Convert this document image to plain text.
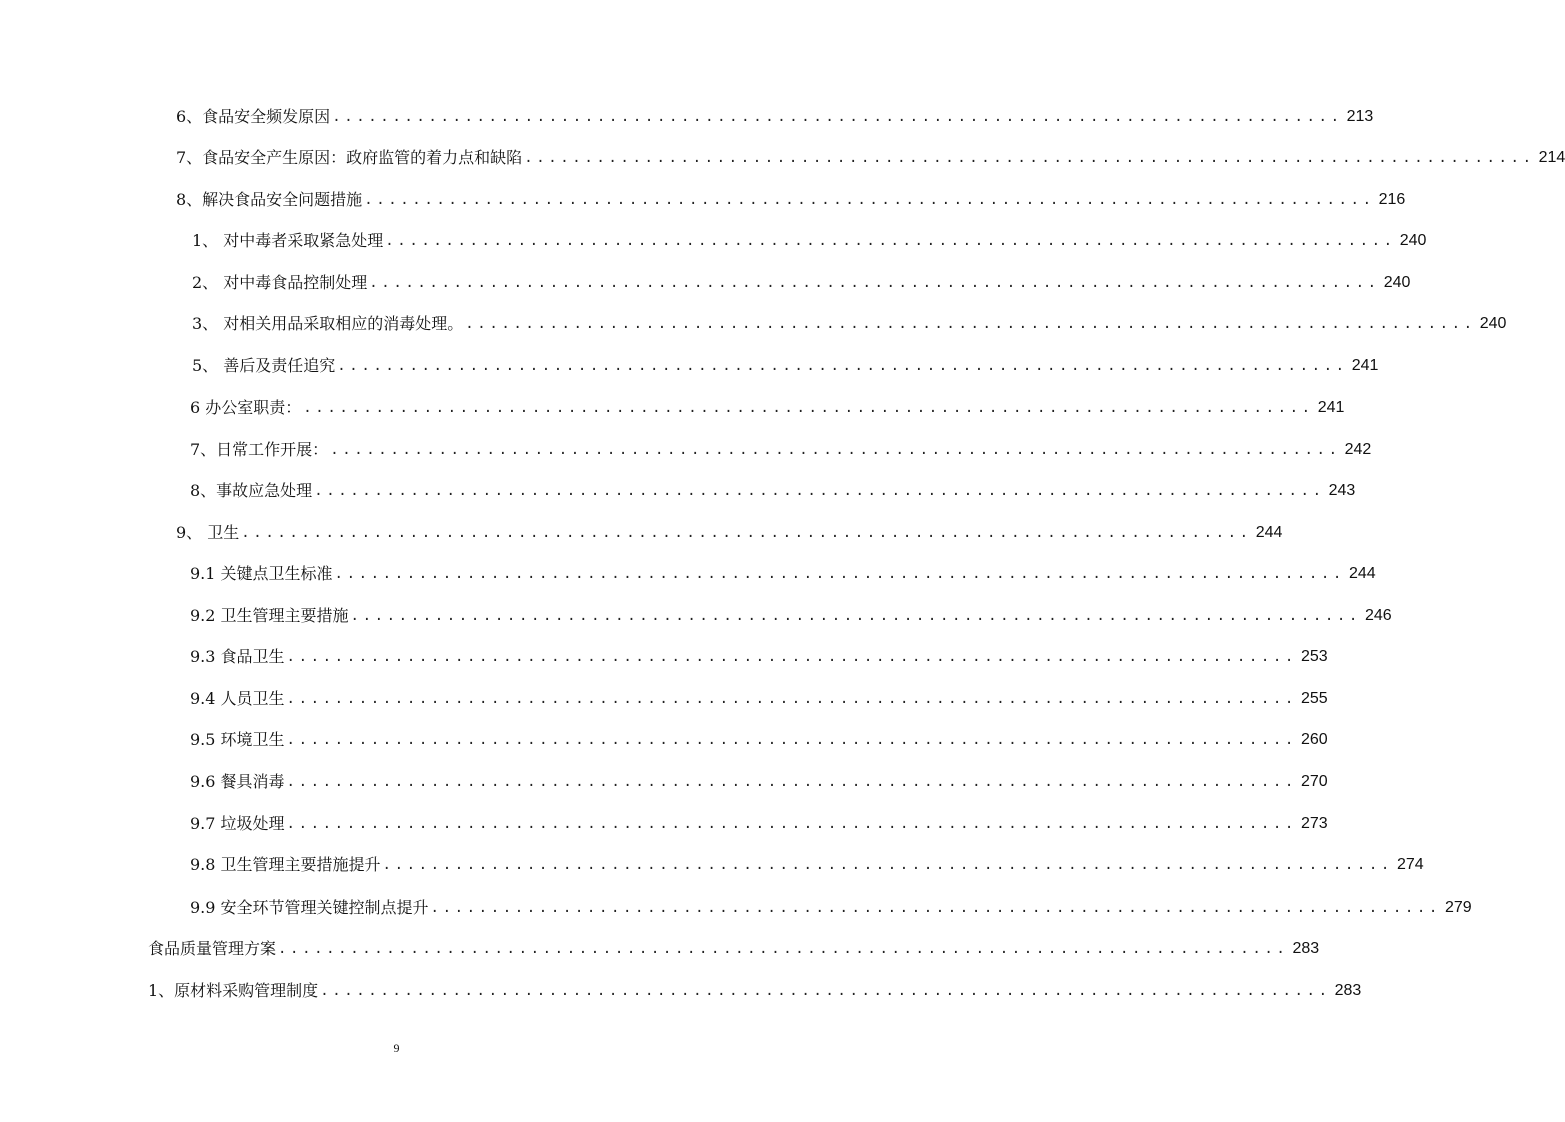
6、食品安全频发原因 .................................................................................... 213
7、食品安全产生原因：政府监管的着力点和缺陷 .................................................................................... 214
8、解决食品安全问题措施 .................................................................................... 216
1、 对中毒者采取紧急处理 .................................................................................... 240
2、 对中毒食品控制处理 .................................................................................... 240
3、 对相关用品采取相应的消毒处理。 .................................................................................... 240
5、 善后及责任追究 .................................................................................... 241
6 办公室职责： .................................................................................... 241
7、日常工作开展： .................................................................................... 242
8、事故应急处理 .................................................................................... 243
9、 卫生 .................................................................................... 244
9.1 关键点卫生标准 .................................................................................... 244
9.2 卫生管理主要措施 .................................................................................... 246
9.3 食品卫生 .................................................................................... 253
9.4 人员卫生 .................................................................................... 255
9.5 环境卫生 .................................................................................... 260
9.6 餐具消毒 .................................................................................... 270
9.7 垃圾处理 .................................................................................... 273
9.8 卫生管理主要措施提升 .................................................................................... 274
9.9 安全环节管理关键控制点提升 .................................................................................... 279
食品质量管理方案 .................................................................................... 283
1、原材料采购管理制度 .................................................................................... 283
9
